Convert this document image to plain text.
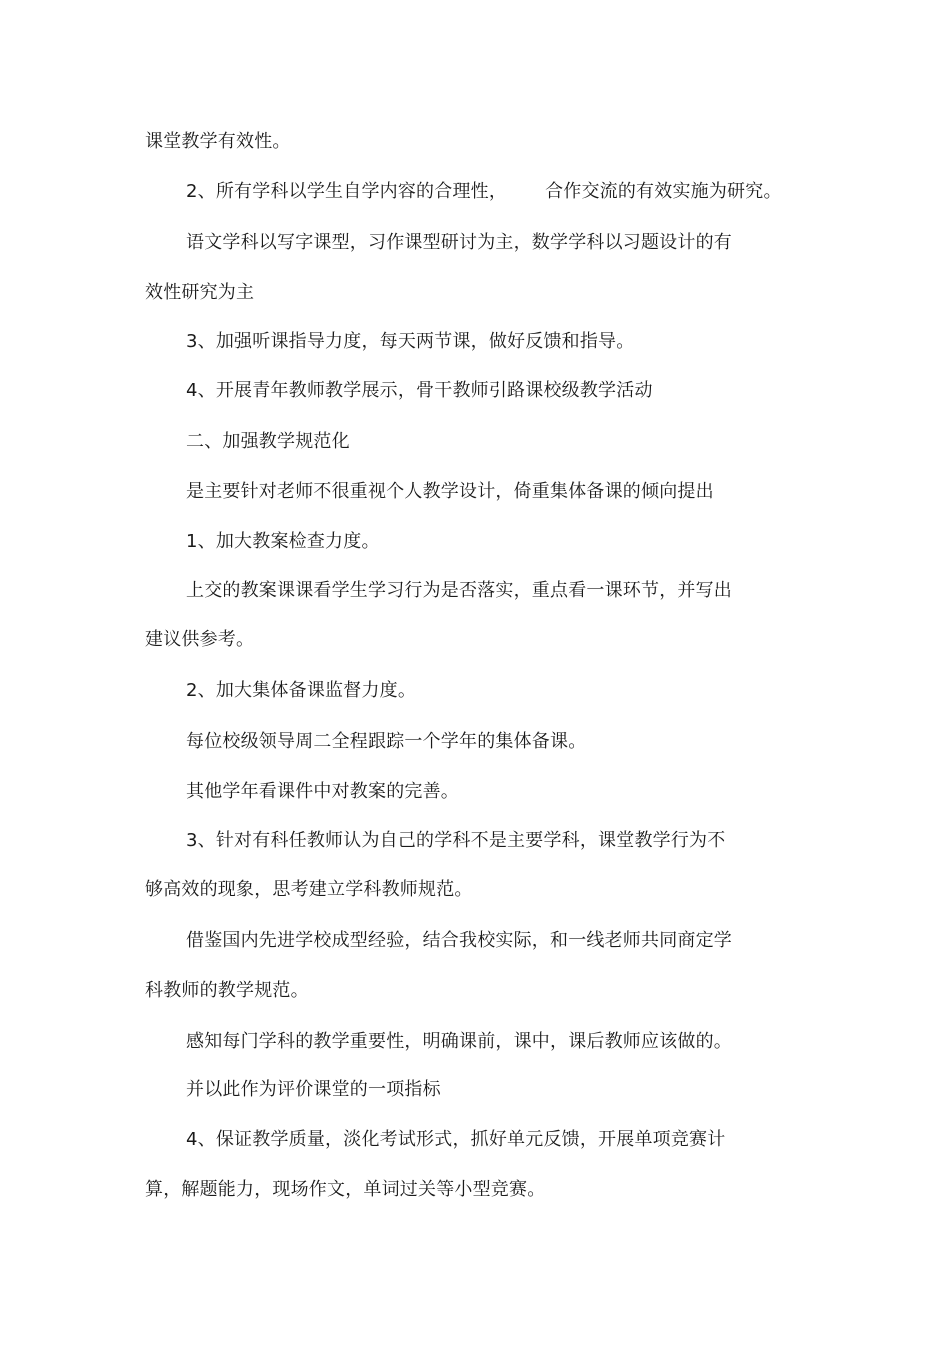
课堂教学有效性。
2、所有学科以学生自学内容的合理性， 合作交流的有效实施为研究。
语文学科以写字课型，习作课型研讨为主，数学学科以习题设计的有
效性研究为主
3、加强听课指导力度，每天两节课，做好反馈和指导。
4、开展青年教师教学展示，骨干教师引路课校级教学活动
二、加强教学规范化
是主要针对老师不很重视个人教学设计，倚重集体备课的倾向提出
1、加大教案检查力度。
上交的教案课课看学生学习行为是否落实，重点看一课环节，并写出
建议供参考。
2、加大集体备课监督力度。
每位校级领导周二全程跟踪一个学年的集体备课。
其他学年看课件中对教案的完善。
3、针对有科任教师认为自己的学科不是主要学科，课堂教学行为不
够高效的现象，思考建立学科教师规范。
借鉴国内先进学校成型经验，结合我校实际，和一线老师共同商定学
科教师的教学规范。
感知每门学科的教学重要性，明确课前，课中，课后教师应该做的。
并以此作为评价课堂的一项指标
4、保证教学质量，淡化考试形式，抓好单元反馈，开展单项竞赛计
算，解题能力，现场作文，单词过关等小型竞赛。
